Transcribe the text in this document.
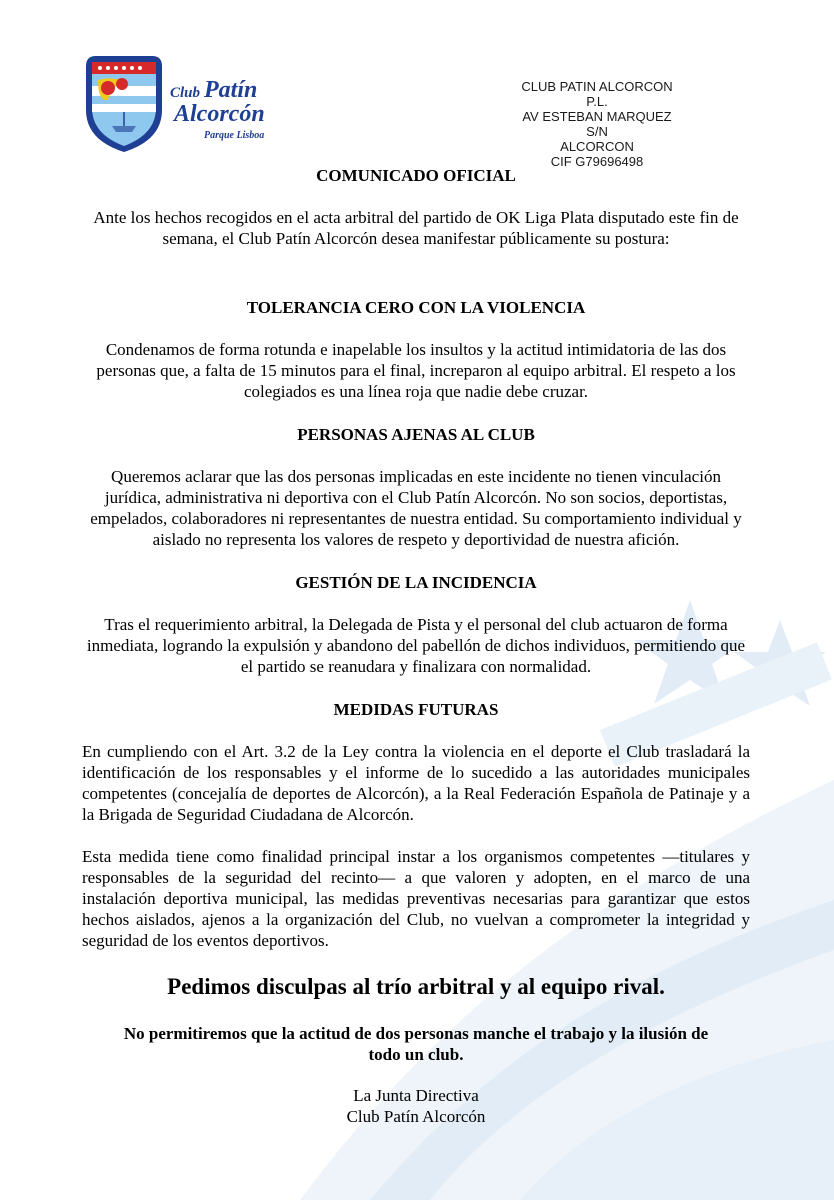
Club Patín
Alcorcón
Parque Lisboa
CLUB PATIN ALCORCON P.L.
AV ESTEBAN MARQUEZ S/N
ALCORCON
CIF G79696498

COMUNICADO OFICIAL

Ante los hechos recogidos en el acta arbitral del partido de OK Liga Plata disputado este fin de semana, el Club Patín Alcorcón desea manifestar públicamente su postura:

TOLERANCIA CERO CON LA VIOLENCIA

Condenamos de forma rotunda e inapelable los insultos y la actitud intimidatoria de las dos personas que, a falta de 15 minutos para el final, increparon al equipo arbitral. El respeto a los colegiados es una línea roja que nadie debe cruzar.

PERSONAS AJENAS AL CLUB

Queremos aclarar que las dos personas implicadas en este incidente no tienen vinculación jurídica, administrativa ni deportiva con el Club Patín Alcorcón. No son socios, deportistas, empelados, colaboradores ni representantes de nuestra entidad. Su comportamiento individual y aislado no representa los valores de respeto y deportividad de nuestra afición.

GESTIÓN DE LA INCIDENCIA

Tras el requerimiento arbitral, la Delegada de Pista y el personal del club actuaron de forma inmediata, logrando la expulsión y abandono del pabellón de dichos individuos, permitiendo que el partido se reanudara y finalizara con normalidad.

MEDIDAS FUTURAS

En cumpliendo con el Art. 3.2 de la Ley contra la violencia en el deporte el Club trasladará la identificación de los responsables y el informe de lo sucedido a las autoridades municipales competentes (concejalía de deportes de Alcorcón), a la Real Federación Española de Patinaje y a la Brigada de Seguridad Ciudadana de Alcorcón.

Esta medida tiene como finalidad principal instar a los organismos competentes —titulares y responsables de la seguridad del recinto— a que valoren y adopten, en el marco de una instalación deportiva municipal, las medidas preventivas necesarias para garantizar que estos hechos aislados, ajenos a la organización del Club, no vuelvan a comprometer la integridad y seguridad de los eventos deportivos.

Pedimos disculpas al trío arbitral y al equipo rival.

No permitiremos que la actitud de dos personas manche el trabajo y la ilusión de todo un club.

La Junta Directiva

Club Patín Alcorcón
